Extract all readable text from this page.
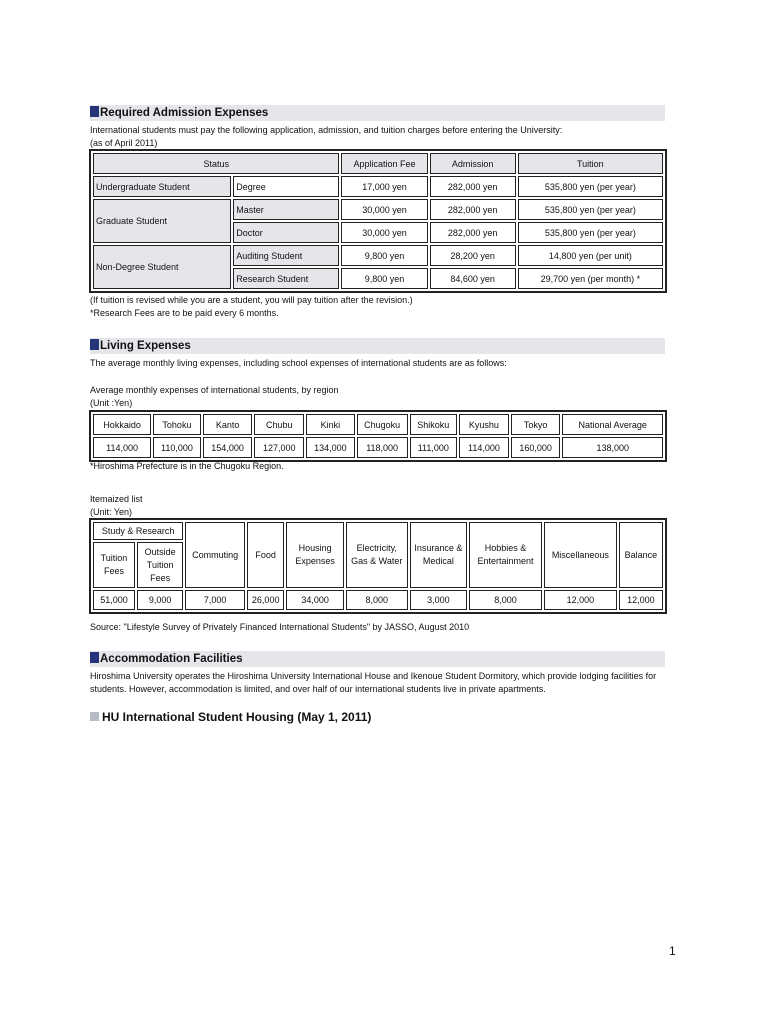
Required Admission Expenses
International students must pay the following application, admission, and tuition charges before entering the University:
(as of April 2011)
Status		Application Fee	Admission	Tuition
Undergraduate Student	Degree	17,000 yen	282,000 yen	535,800 yen (per year)
Graduate Student	Master	30,000 yen	282,000 yen	535,800 yen (per year)
	Doctor	30,000 yen	282,000 yen	535,800 yen (per year)
Non-Degree Student	Auditing Student	9,800 yen	28,200 yen	14,800 yen (per unit)
	Research Student	9,800 yen	84,600 yen	29,700 yen (per month) *
(If tuition is revised while you are a student, you will pay tuition after the revision.)
*Research Fees are to be paid every 6 months.
Living Expenses
The average monthly living expenses, including school expenses of international students are as follows:
Average monthly expenses of international students, by region
(Unit :Yen)
Hokkaido	Tohoku	Kanto	Chubu	Kinki	Chugoku	Shikoku	Kyushu	Tokyo	National Average
114,000	110,000	154,000	127,000	134,000	118,000	111,000	114,000	160,000	138,000
*Hiroshima Prefecture is in the Chugoku Region.
Itemaized list
(Unit: Yen)
Study & Research		Commuting	Food	Housing Expenses	Electricity, Gas & Water	Insurance & Medical	Hobbies & Entertainment	Miscellaneous	Balance
Tuition Fees	Outside Tuition Fees								
51,000	9,000	7,000	26,000	34,000	8,000	3,000	8,000	12,000	12,000
Source: "Lifestyle Survey of Privately Financed International Students" by JASSO, August 2010
Accommodation Facilities
Hiroshima University operates the Hiroshima University International House and Ikenoue Student Dormitory, which provide lodging facilities for students. However, accommodation is limited, and over half of our international students live in private apartments.
HU International Student Housing (May 1, 2011)
1
